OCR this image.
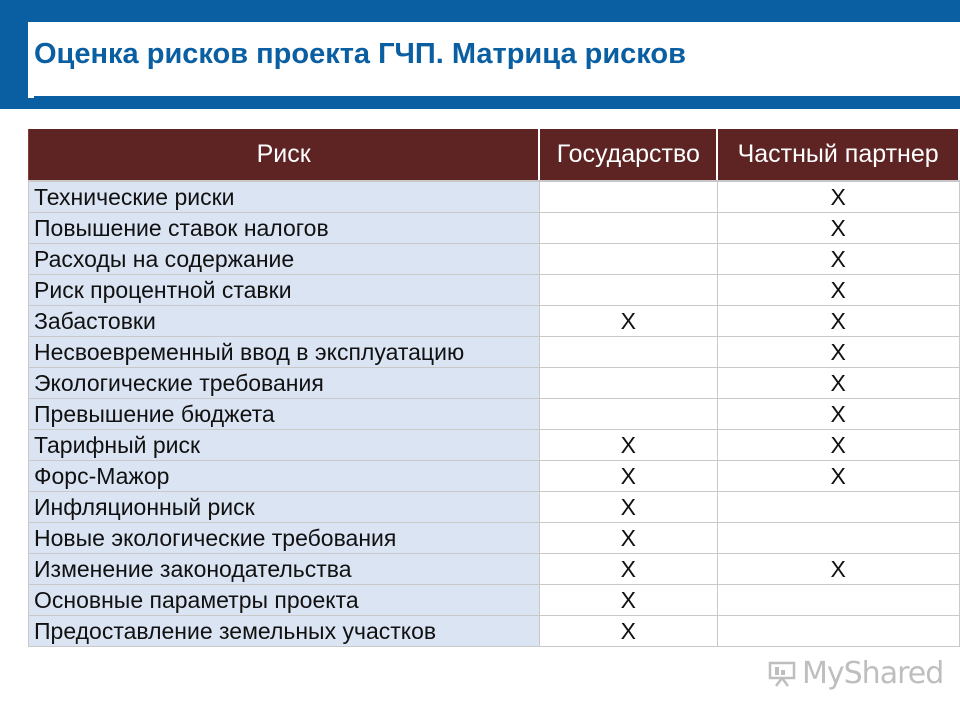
Оценка рисков проекта ГЧП. Матрица рисков
Риск	Государство	Частный партнер
Технические риски		X
Повышение ставок налогов		X
Расходы на содержание		X
Риск процентной ставки		X
Забастовки	X	X
Несвоевременный ввод в эксплуатацию		X
Экологические требования		X
Превышение бюджета		X
Тарифный риск	X	X
Форс-Мажор	X	X
Инфляционный риск	X	
Новые экологические требования	X	
Изменение законодательства	X	X
Основные параметры проекта	X	
Предоставление земельных участков	X	
MyShared
